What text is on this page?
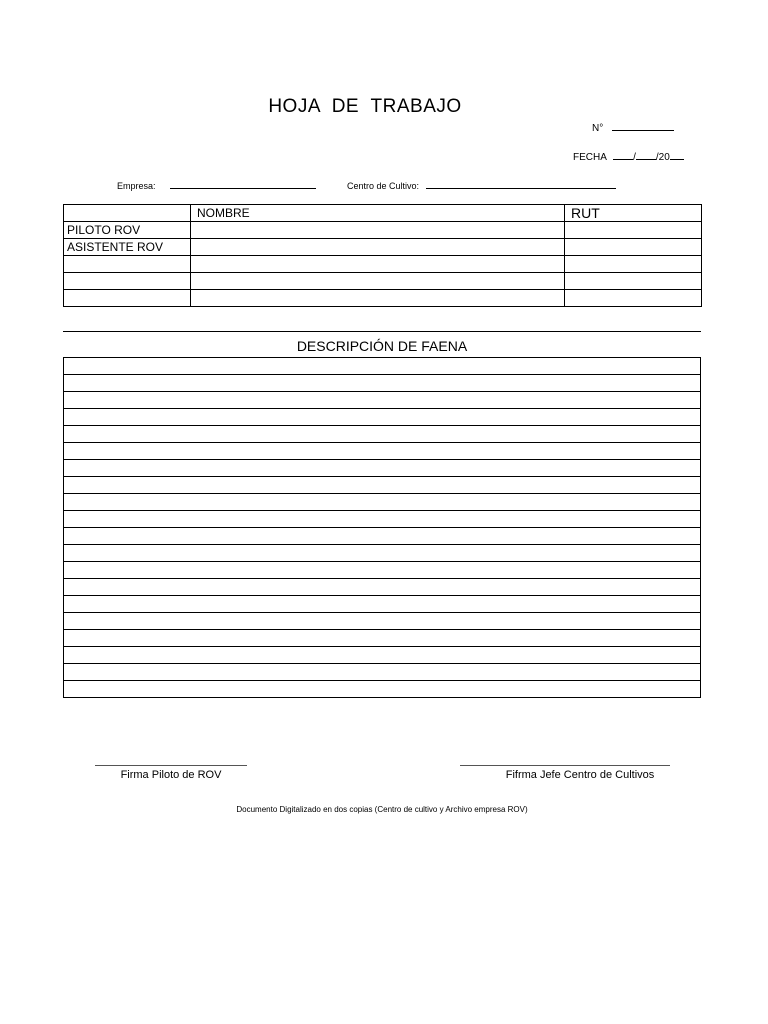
HOJA DE TRABAJO
N°
FECHA	/ /20
Empresa:	Centro de Cultivo:
	NOMBRE	RUT
PILOTO ROV		
ASISTENTE ROV		

DESCRIPCIÓN DE FAENA

Firma Piloto de ROV	Fifrma Jefe Centro de Cultivos
Documento Digitalizado en dos copias (Centro de cultivo y Archivo empresa ROV)
